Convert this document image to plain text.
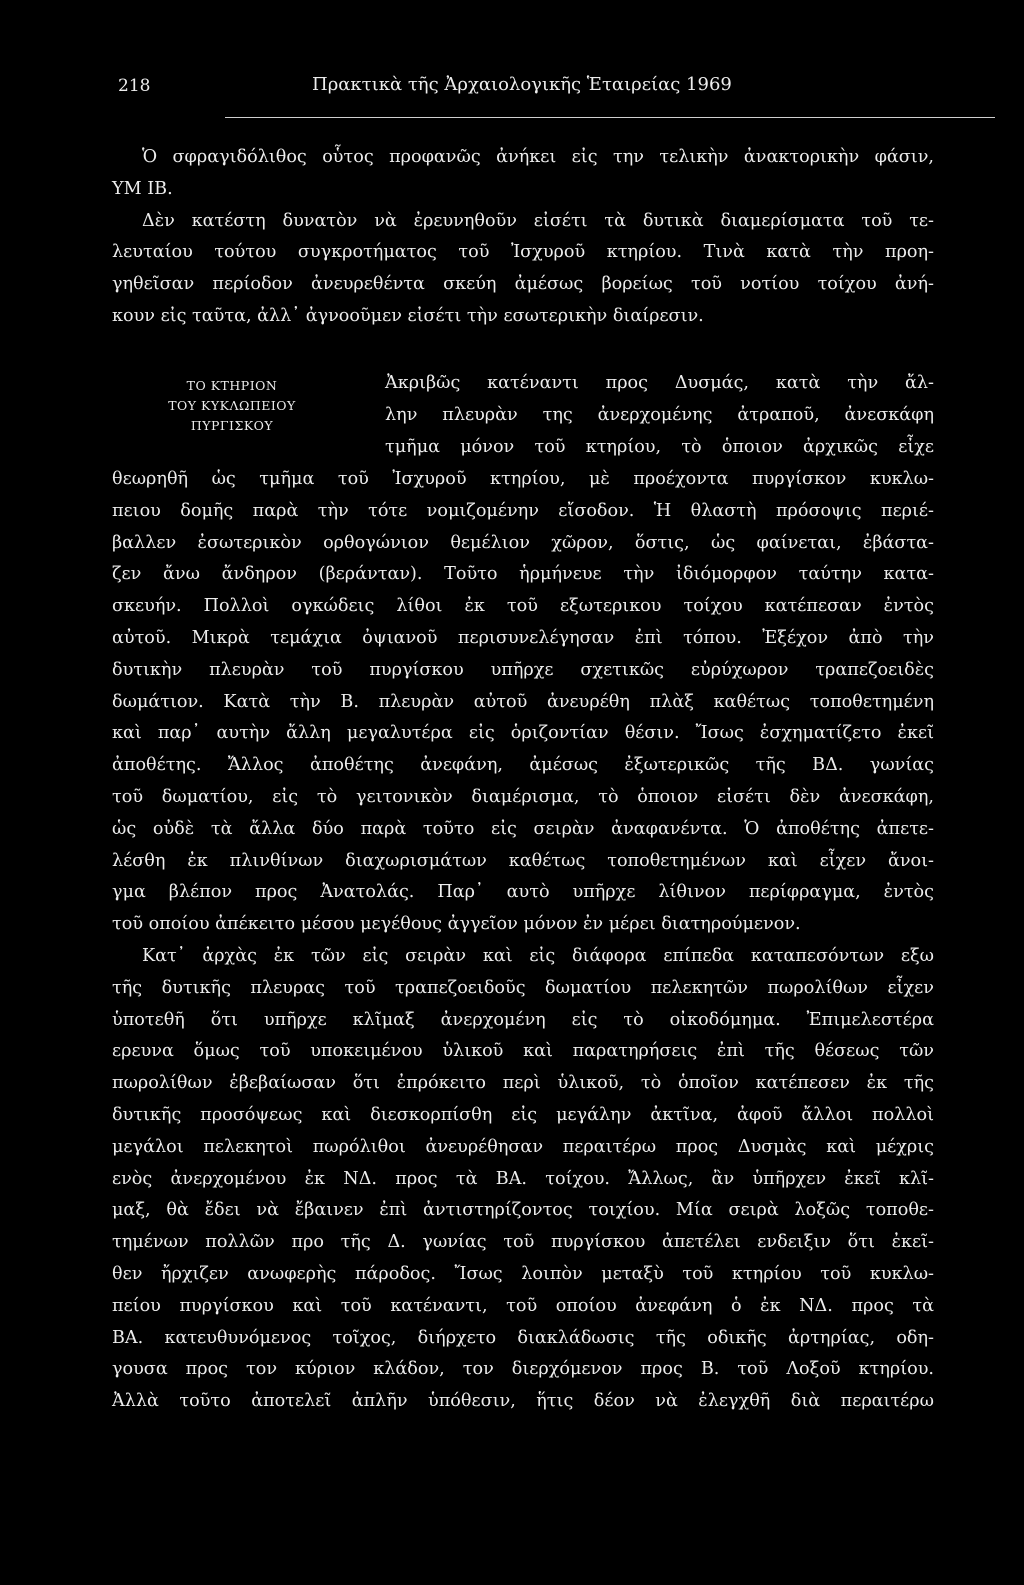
218	Πρακτικὰ τῆς Ἀρχαιολογικῆς Ἑταιρείας 1969

Ὁ σφραγιδόλιθος οὗτος προφανῶς ἀνήκει εἰς την τελικὴν ἀνακτορικὴν φάσιν,
ΥΜ ΙΒ.

Δὲν κατέστη δυνατὸν νὰ ἐρευνηθοῦν εἰσέτι τὰ δυτικὰ διαμερίσματα τοῦ τε-
λευταίου τούτου συγκροτήματος τοῦ Ἰσχυροῦ κτηρίου. Τινὰ κατὰ τὴν προη-
γηθεῖσαν περίοδον ἀνευρεθέντα σκεύη ἀμέσως βορείως τοῦ νοτίου τοίχου ἀνή-
κουν εἰς ταῦτα, ἀλλ᾽ ἀγνοοῦμεν εἰσέτι τὴν εσωτερικὴν διαίρεσιν.

ΤΟ ΚΤΗΡΙΟΝ
ΤΟΥ ΚΥΚΛΩΠΕΙΟΥ
ΠΥΡΓΙΣΚΟΥ
Ἀκριβῶς κατέναντι προς Δυσμάς, κατὰ τὴν ἄλ-
λην πλευρὰν της ἀνερχομένης ἀτραποῦ, ἀνεσκάφη
τμῆμα μόνον τοῦ κτηρίου, τὸ ὁποιον ἀρχικῶς εἶχε

θεωρηθῆ ὡς τμῆμα τοῦ Ἰσχυροῦ κτηρίου, μὲ προέχοντα πυργίσκον κυκλω-
πειου δομῆς παρὰ τὴν τότε νομιζομένην εἴσοδον. Ἡ θλαστὴ πρόσοψις περιέ-
βαλλεν ἐσωτερικὸν ορθογώνιον θεμέλιον χῶρον, ὅστις, ὡς φαίνεται, ἐβάστα-
ζεν ἄνω ἄνδηρον (βεράνταν). Τοῦτο ἡρμήνευε τὴν ἰδιόμορφον ταύτην κατα-
σκευήν. Πολλοὶ ογκώδεις λίθοι ἐκ τοῦ εξωτερικου τοίχου κατέπεσαν ἐντὸς
αὐτοῦ. Μικρὰ τεμάχια ὀψιανοῦ περισυνελέγησαν ἐπὶ τόπου. Ἐξέχον ἀπὸ τὴν
δυτικὴν πλευρὰν τοῦ πυργίσκου υπῆρχε σχετικῶς εὐρύχωρον τραπεζοειδὲς
δωμάτιον. Κατὰ τὴν Β. πλευρὰν αὐτοῦ ἀνευρέθη πλὰξ καθέτως τοποθετημένη
καὶ παρ᾽ αυτὴν ἄλλη μεγαλυτέρα εἰς ὁριζοντίαν θέσιν. Ἴσως ἐσχηματίζετο ἐκεῖ
ἀποθέτης. Ἄλλος ἀποθέτης ἀνεφάνη, ἀμέσως ἐξωτερικῶς τῆς ΒΔ. γωνίας
τοῦ δωματίου, εἰς τὸ γειτονικὸν διαμέρισμα, τὸ ὁποιον εἰσέτι δὲν ἀνεσκάφη,
ὡς οὐδὲ τὰ ἄλλα δύο παρὰ τοῦτο εἰς σειρὰν ἀναφανέντα. Ὁ ἀποθέτης ἀπετε-
λέσθη ἐκ πλινθίνων διαχωρισμάτων καθέτως τοποθετημένων καὶ εἶχεν ἄνοι-
γμα βλέπον προς Ἀνατολάς. Παρ᾽ αυτὸ υπῆρχε λίθινον περίφραγμα, ἐντὸς
τοῦ οποίου ἀπέκειτο μέσου μεγέθους ἀγγεῖον μόνον ἐν μέρει διατηρούμενον.

Κατ᾽ ἀρχὰς ἐκ τῶν εἰς σειρὰν καὶ εἰς διάφορα επίπεδα καταπεσόντων εξω
τῆς δυτικῆς πλευρας τοῦ τραπεζοειδοῦς δωματίου πελεκητῶν πωρολίθων εἶχεν
ὑποτεθῆ ὅτι υπῆρχε κλῖμαξ ἀνερχομένη εἰς τὸ οἰκοδόμημα. Ἐπιμελεστέρα
ερευνα ὅμως τοῦ υποκειμένου ὑλικοῦ καὶ παρατηρήσεις ἐπὶ τῆς θέσεως τῶν
πωρολίθων ἐβεβαίωσαν ὅτι ἐπρόκειτο περὶ ὑλικοῦ, τὸ ὁποῖον κατέπεσεν ἐκ τῆς
δυτικῆς προσόψεως καὶ διεσκορπίσθη εἰς μεγάλην ἀκτῖνα, ἀφοῦ ἄλλοι πολλοὶ
μεγάλοι πελεκητοὶ πωρόλιθοι ἀνευρέθησαν περαιτέρω προς Δυσμὰς καὶ μέχρις
ενὸς ἀνερχομένου ἐκ ΝΔ. προς τὰ ΒΑ. τοίχου. Ἄλλως, ἂν ὑπῆρχεν ἐκεῖ κλῖ-
μαξ, θὰ ἔδει νὰ ἔβαινεν ἐπὶ ἀντιστηρίζοντος τοιχίου. Μία σειρὰ λοξῶς τοποθε-
τημένων πολλῶν προ τῆς Δ. γωνίας τοῦ πυργίσκου ἀπετέλει ενδειξιν ὅτι ἐκεῖ-
θεν ἤρχιζεν ανωφερὴς πάροδος. Ἴσως λοιπὸν μεταξὺ τοῦ κτηρίου τοῦ κυκλω-
πείου πυργίσκου καὶ τοῦ κατέναντι, τοῦ οποίου ἀνεφάνη ὁ ἐκ ΝΔ. προς τὰ
ΒΑ. κατευθυνόμενος τοῖχος, διήρχετο διακλάδωσις τῆς οδικῆς ἀρτηρίας, οδη-
γουσα προς τον κύριον κλάδον, τον διερχόμενον προς Β. τοῦ Λοξοῦ κτηρίου.
Ἀλλὰ τοῦτο ἀποτελεῖ ἀπλῆν ὑπόθεσιν, ἥτις δέον νὰ ἐλεγχθῆ διὰ περαιτέρω
